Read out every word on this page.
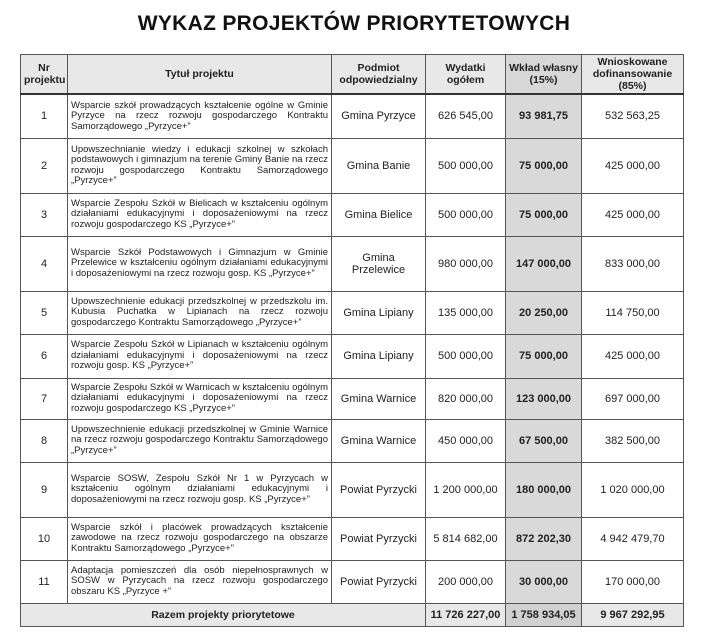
WYKAZ PROJEKTÓW PRIORYTETOWYCH
Nr projektu	Tytuł projektu	Podmiot odpowiedzialny	Wydatki ogółem	Wkład własny (15%)	Wnioskowane dofinansowanie (85%)
1	Wsparcie szkół prowadzących kształcenie ogólne w Gminie Pyrzyce na rzecz rozwoju gospodarczego Kontraktu Samorządowego „Pyrzyce+”	Gmina Pyrzyce	626 545,00	93 981,75	532 563,25
2	Upowszechnianie wiedzy i edukacji szkolnej w szkołach podstawowych i gimnazjum na terenie Gminy Banie na rzecz rozwoju gospodarczego Kontraktu Samorządowego „Pyrzyce+”	Gmina Banie	500 000,00	75 000,00	425 000,00
3	Wsparcie Zespołu Szkół w Bielicach w kształceniu ogólnym działaniami edukacyjnymi i doposażeniowymi na rzecz rozwoju gospodarczego KS „Pyrzyce+”	Gmina Bielice	500 000,00	75 000,00	425 000,00
4	Wsparcie Szkół Podstawowych i Gimnazjum w Gminie Przelewice w kształceniu ogólnym działaniami edukacyjnymi i doposażeniowymi na rzecz rozwoju gosp. KS „Pyrzyce+”	Gmina Przelewice	980 000,00	147 000,00	833 000,00
5	Upowszechnienie edukacji przedszkolnej w przedszkolu im. Kubusia Puchatka w Lipianach na rzecz rozwoju gospodarczego Kontraktu Samorządowego „Pyrzyce+”	Gmina Lipiany	135 000,00	20 250,00	114 750,00
6	Wsparcie Zespołu Szkół w Lipianach w kształceniu ogólnym działaniami edukacyjnymi i doposażeniowymi na rzecz rozwoju gosp. KS „Pyrzyce+”	Gmina Lipiany	500 000,00	75 000,00	425 000,00
7	Wsparcie Zespołu Szkół w Warnicach w kształceniu ogólnym działaniami edukacyjnymi i doposażeniowymi na rzecz rozwoju gospodarczego KS „Pyrzyce+”	Gmina Warnice	820 000,00	123 000,00	697 000,00
8	Upowszechnienie edukacji przedszkolnej w Gminie Warnice na rzecz rozwoju gospodarczego Kontraktu Samorządowego „Pyrzyce+”	Gmina Warnice	450 000,00	67 500,00	382 500,00
9	Wsparcie SOSW, Zespołu Szkół Nr 1 w Pyrzycach w kształceniu ogólnym działaniami edukacyjnymi i doposażeniowymi na rzecz rozwoju gosp. KS „Pyrzyce+”	Powiat Pyrzycki	1 200 000,00	180 000,00	1 020 000,00
10	Wsparcie szkół i placówek prowadzących kształcenie zawodowe na rzecz rozwoju gospodarczego na obszarze Kontraktu Samorządowego „Pyrzyce+”	Powiat Pyrzycki	5 814 682,00	872 202,30	4 942 479,70
11	Adaptacja pomieszczeń dla osób niepełnosprawnych w SOSW w Pyrzycach na rzecz rozwoju gospodarczego obszaru KS „Pyrzyce +”	Powiat Pyrzycki	200 000,00	30 000,00	170 000,00
Razem projekty priorytetowe			11 726 227,00	1 758 934,05	9 967 292,95
